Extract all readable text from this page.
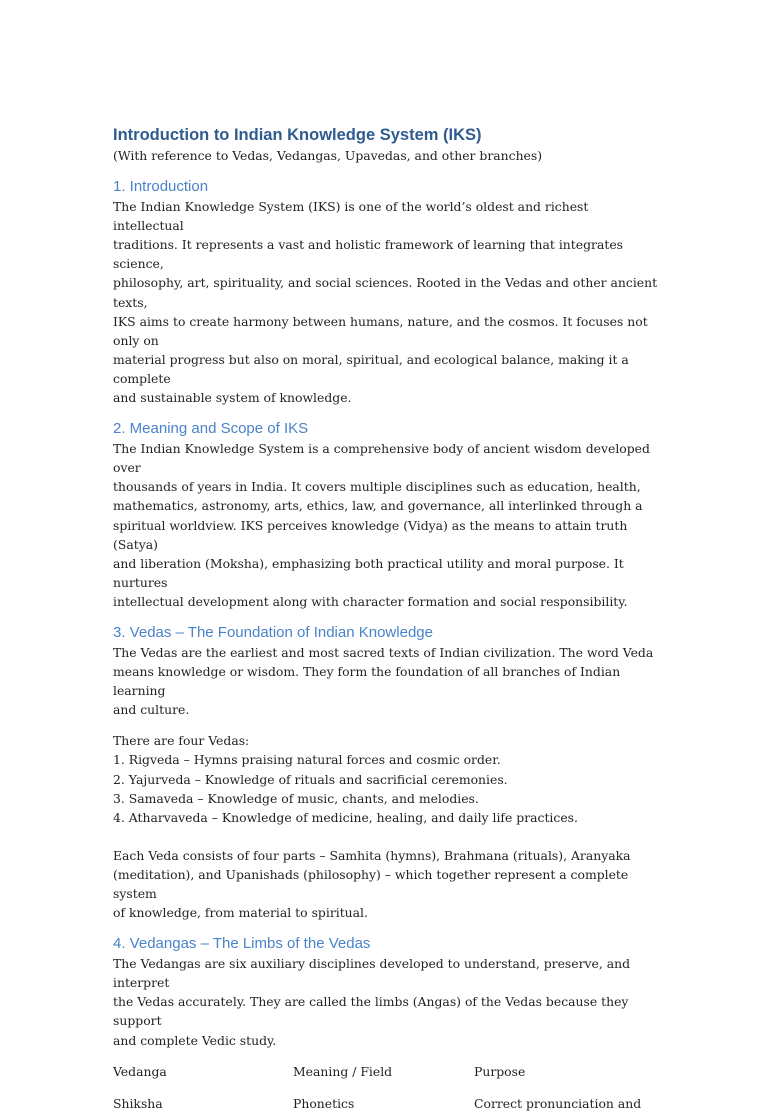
Introduction to Indian Knowledge System (IKS)

(With reference to Vedas, Vedangas, Upavedas, and other branches)

1. Introduction

The Indian Knowledge System (IKS) is one of the world’s oldest and richest intellectual

traditions. It represents a vast and holistic framework of learning that integrates science,

philosophy, art, spirituality, and social sciences. Rooted in the Vedas and other ancient texts,

IKS aims to create harmony between humans, nature, and the cosmos. It focuses not only on

material progress but also on moral, spiritual, and ecological balance, making it a complete

and sustainable system of knowledge.

2. Meaning and Scope of IKS

The Indian Knowledge System is a comprehensive body of ancient wisdom developed over

thousands of years in India. It covers multiple disciplines such as education, health,

mathematics, astronomy, arts, ethics, law, and governance, all interlinked through a

spiritual worldview. IKS perceives knowledge (Vidya) as the means to attain truth (Satya)

and liberation (Moksha), emphasizing both practical utility and moral purpose. It nurtures

intellectual development along with character formation and social responsibility.

3. Vedas – The Foundation of Indian Knowledge

The Vedas are the earliest and most sacred texts of Indian civilization. The word Veda

means knowledge or wisdom. They form the foundation of all branches of Indian learning

and culture.

There are four Vedas:

1. Rigveda – Hymns praising natural forces and cosmic order.

2. Yajurveda – Knowledge of rituals and sacrificial ceremonies.

3. Samaveda – Knowledge of music, chants, and melodies.

4. Atharvaveda – Knowledge of medicine, healing, and daily life practices.

Each Veda consists of four parts – Samhita (hymns), Brahmana (rituals), Aranyaka

(meditation), and Upanishads (philosophy) – which together represent a complete system

of knowledge, from material to spiritual.

4. Vedangas – The Limbs of the Vedas

The Vedangas are six auxiliary disciplines developed to understand, preserve, and interpret

the Vedas accurately. They are called the limbs (Angas) of the Vedas because they support

and complete Vedic study.

Vedanga	Meaning / Field	Purpose
Shiksha	Phonetics	Correct pronunciation and
